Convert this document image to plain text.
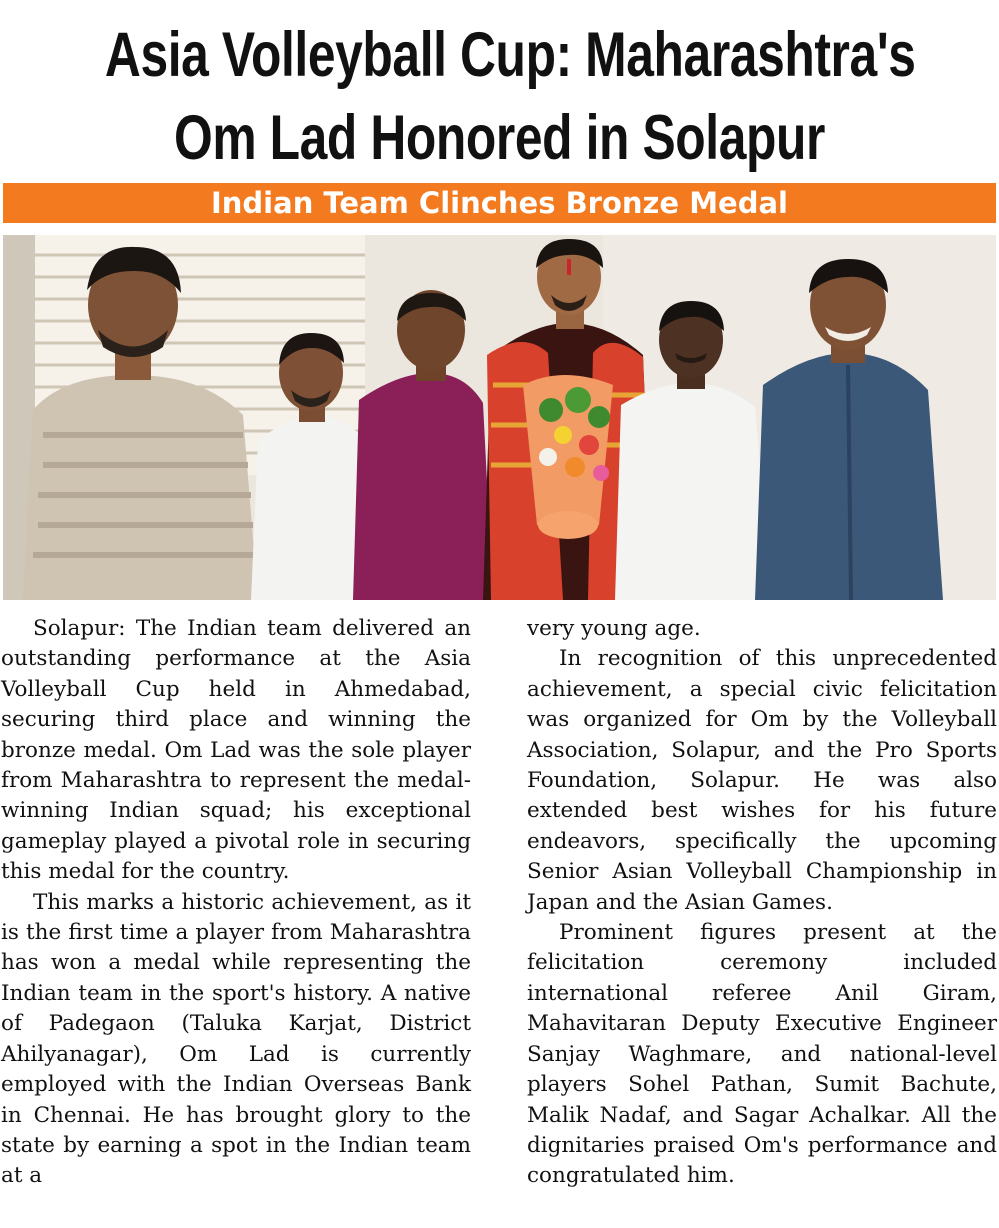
Asia Volleyball Cup: Maharashtra's
Om Lad Honored in Solapur
Indian Team Clinches Bronze Medal

Solapur: The Indian team delivered an outstanding performance at the Asia Volleyball Cup held in Ahmedabad, securing third place and winning the bronze medal. Om Lad was the sole player from Maharashtra to represent the medal-winning Indian squad; his exceptional gameplay played a pivotal role in securing this medal for the country.

This marks a historic achievement, as it is the first time a player from Maharashtra has won a medal while representing the Indian team in the sport's history. A native of Padegaon (Taluka Karjat, District Ahilyanagar), Om Lad is currently employed with the Indian Overseas Bank in Chennai. He has brought glory to the state by earning a spot in the Indian team at a

very young age.

In recognition of this unprecedented achievement, a special civic felicitation was organized for Om by the Volleyball Association, Solapur, and the Pro Sports Foundation, Solapur. He was also extended best wishes for his future endeavors, specifically the upcoming Senior Asian Volleyball Championship in Japan and the Asian Games.

Prominent figures present at the felicitation ceremony included international referee Anil Giram, Mahavitaran Deputy Executive Engineer Sanjay Waghmare, and national-level players Sohel Pathan, Sumit Bachute, Malik Nadaf, and Sagar Achalkar. All the dignitaries praised Om's performance and congratulated him.
